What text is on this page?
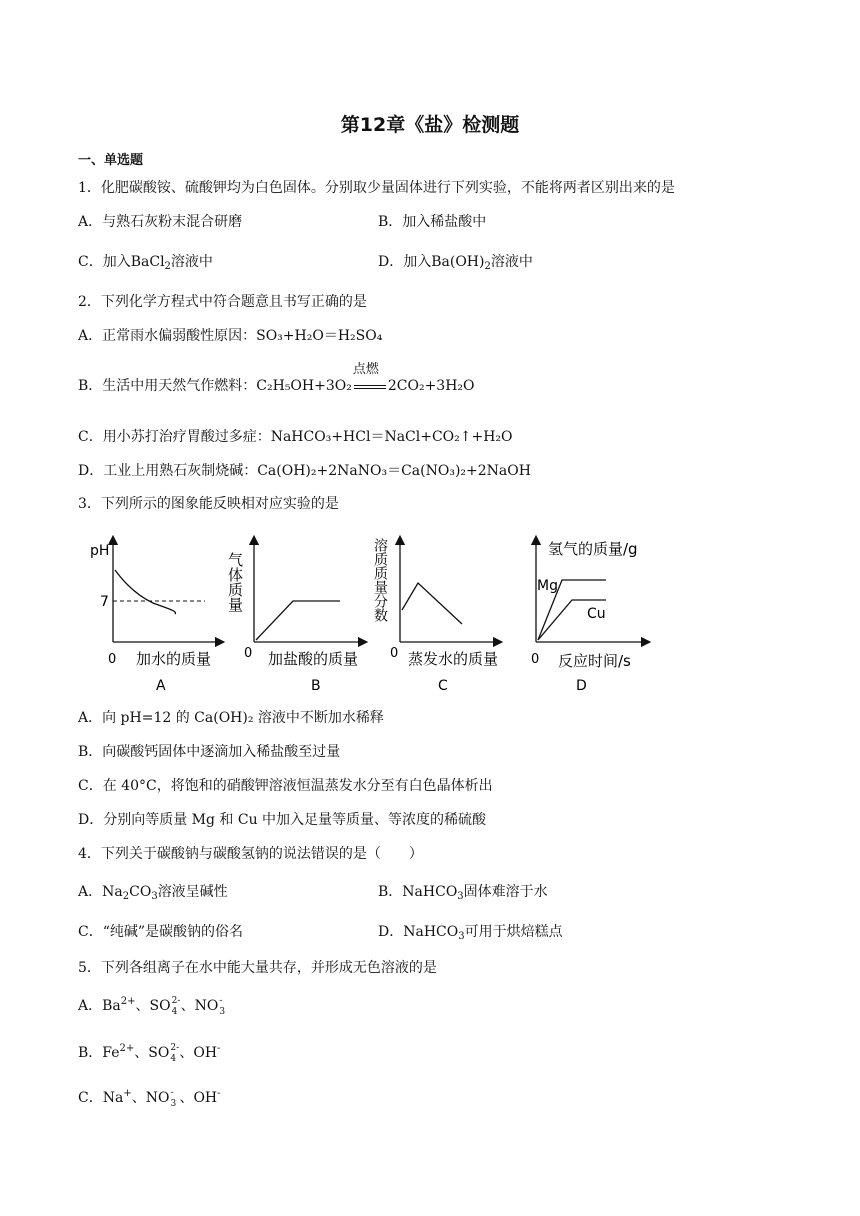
第12章《盐》检测题
一、单选题
1．化肥碳酸铵、硫酸钾均为白色固体。分别取少量固体进行下列实验，不能将两者区别出来的是
A．与熟石灰粉末混合研磨	B．加入稀盐酸中
C．加入BaCl$_2$溶液中	D．加入$Ba(OH)_2$溶液中
2．下列化学方程式中符合题意且书写正确的是
A．正常雨水偏弱酸性原因：SO₃+H₂O＝H₂SO₄
B．生活中用天然气作燃料：C₂H₅OH+3O₂
点燃
2CO₂+3H₂O
C．用小苏打治疗胃酸过多症：NaHCO₃+HCl＝NaCl+CO₂↑+H₂O
D．工业上用熟石灰制烧碱：Ca(OH)₂+2NaNO₃＝Ca(NO₃)₂+2NaOH
3．下列所示的图象能反映相对应实验的是
pH
7
0 加水的质量
A
气体质量
0 加盐酸的质量
B
溶质质量分数
0 蒸发水的质量
C
氢气的质量/g
Mg
Cu
0 反应时间/s
D
A．向 pH=12 的 Ca(OH)₂ 溶液中不断加水稀释
B．向碳酸钙固体中逐滴加入稀盐酸至过量
C．在 40°C，将饱和的硝酸钾溶液恒温蒸发水分至有白色晶体析出
D．分别向等质量 Mg 和 Cu 中加入足量等质量、等浓度的稀硫酸
4．下列关于碳酸钠与碳酸氢钠的说法错误的是（　　）
A．$Na_2CO_3$溶液呈碱性	B．NaHCO$_3$固体难溶于水
C．“纯碱”是碳酸钠的俗名	D．NaHCO$_3$可用于烘焙糕点
5．下列各组离子在水中能大量共存，并形成无色溶液的是
A．$Ba^{2+}$、SO 2-
4 、NO -
3
B．$Fe^{2+}$、SO 2-
4 、OH-
C．Na+、NO -
3 、OH-
